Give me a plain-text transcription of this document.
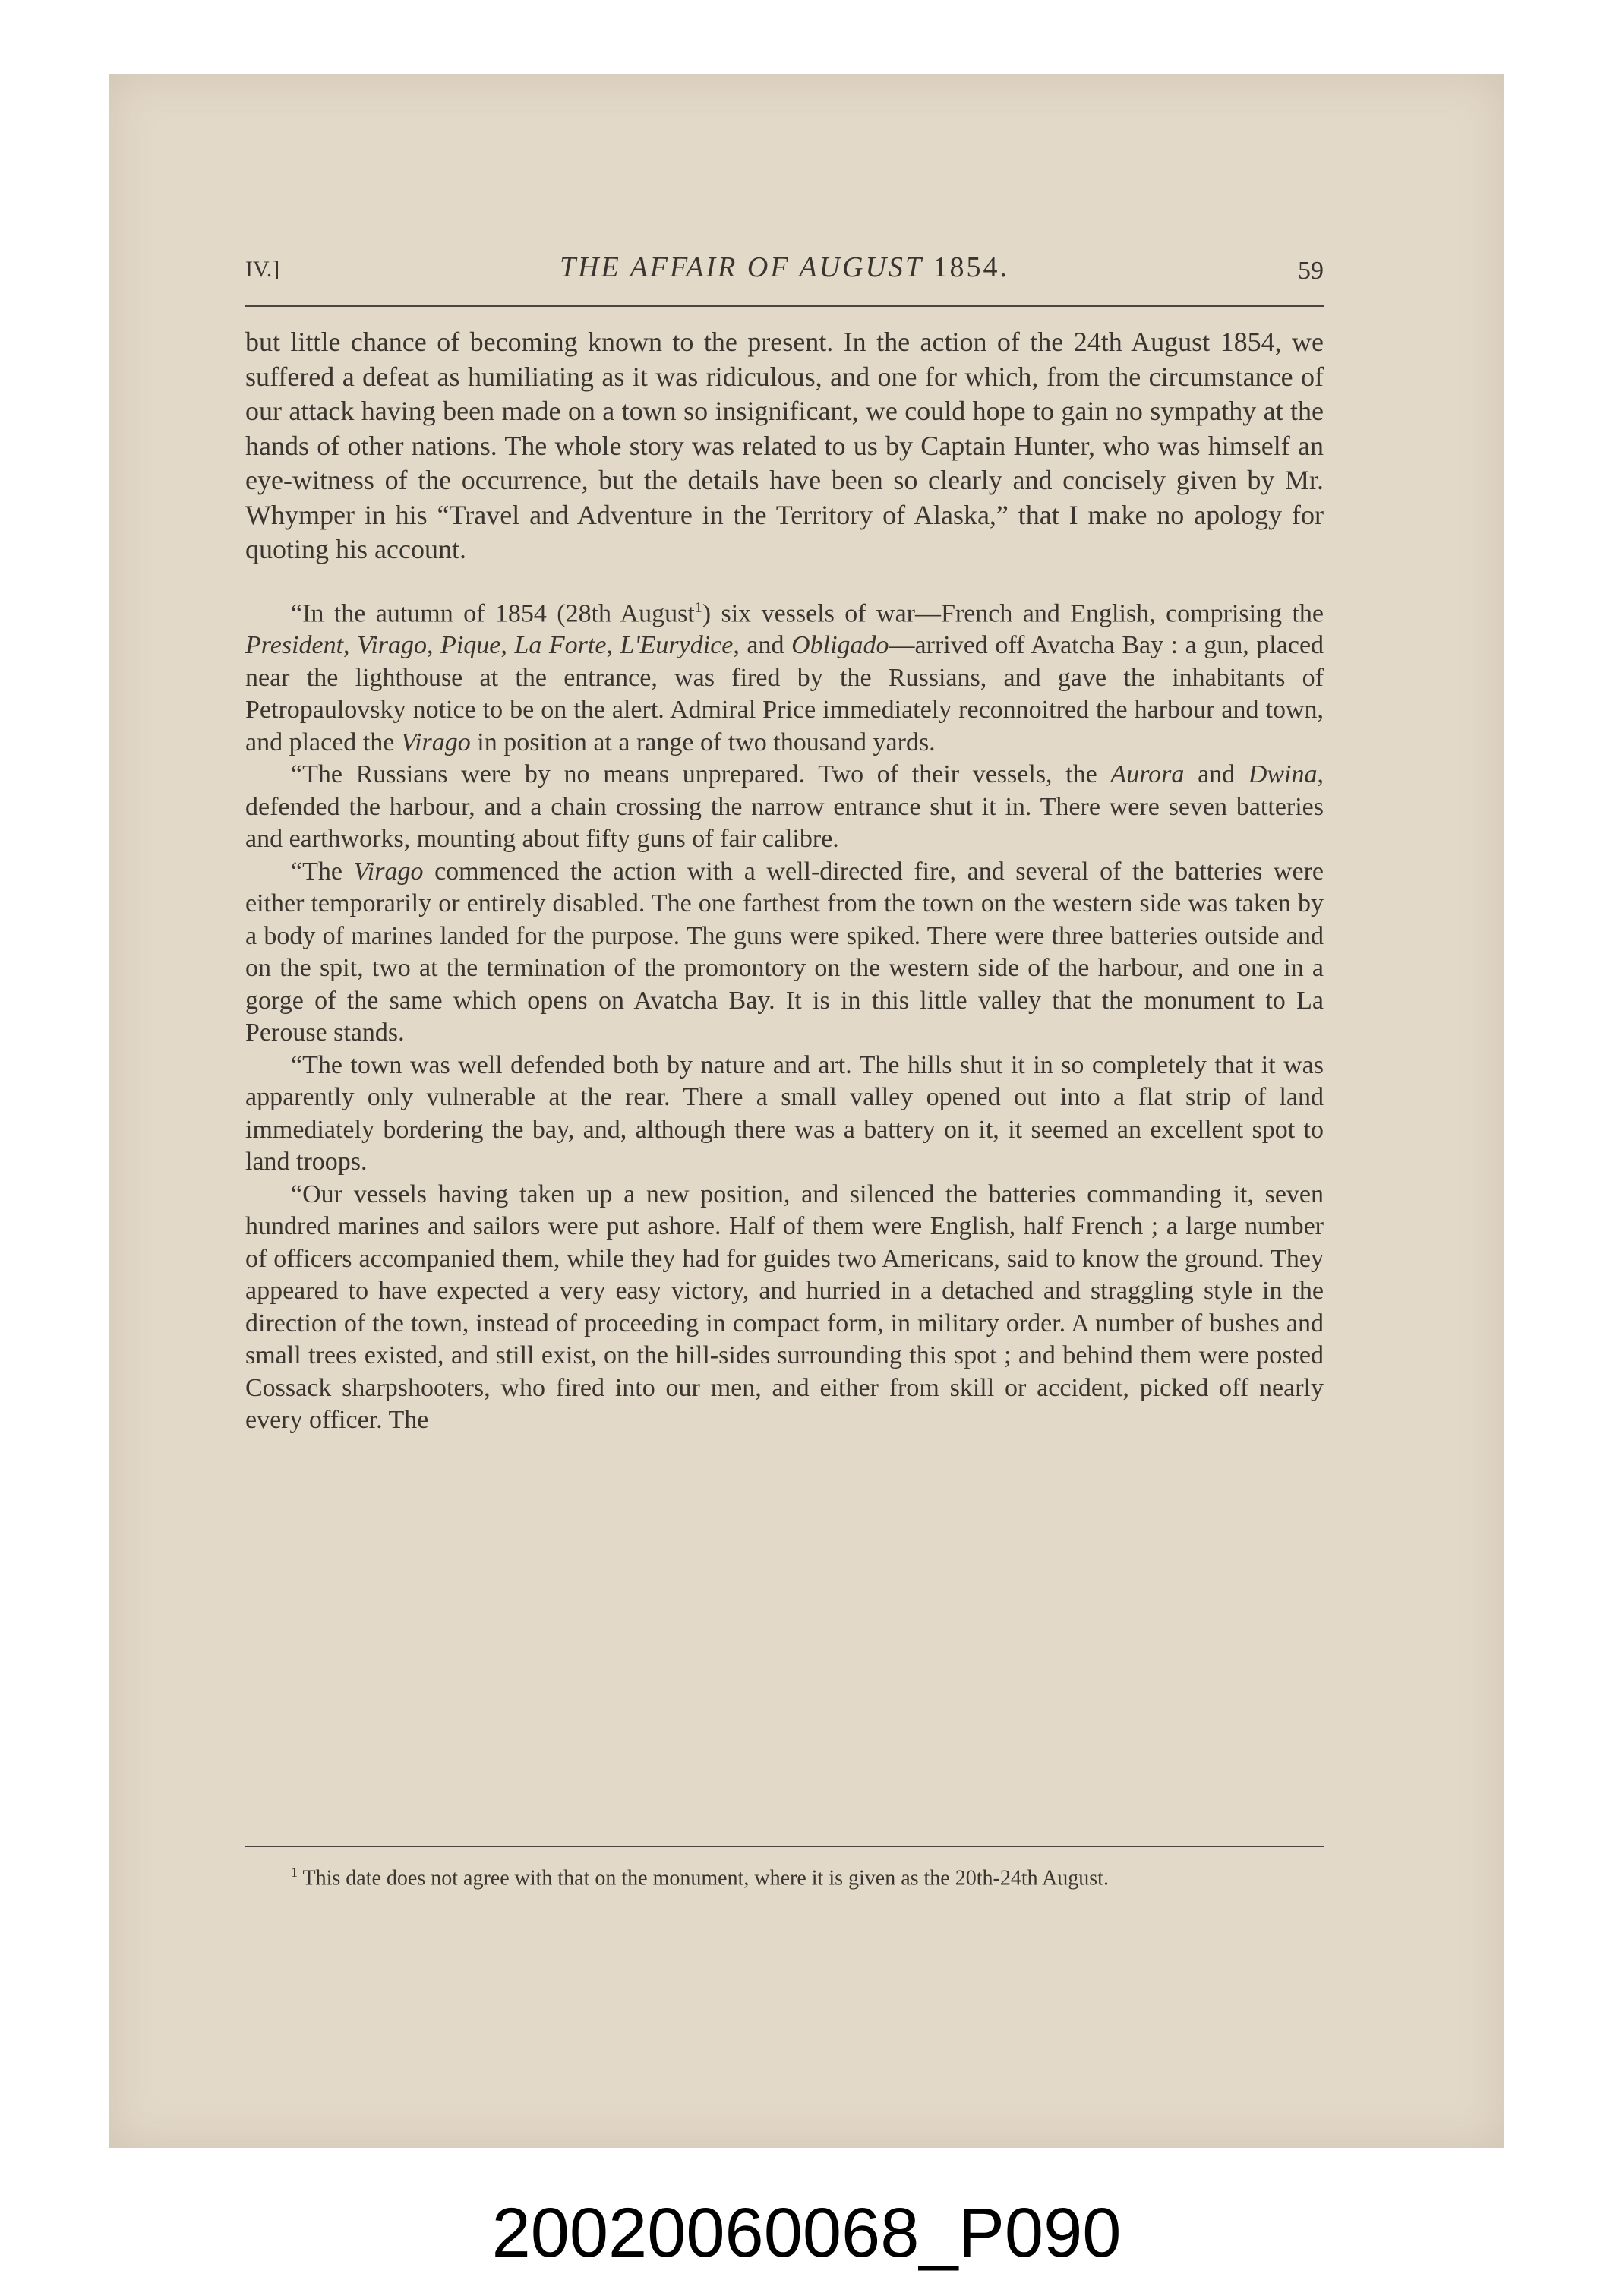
IV.]	THE AFFAIR OF AUGUST 1854.	59

but little chance of becoming known to the present. In the action of the 24th August 1854, we suffered a defeat as humiliating as it was ridiculous, and one for which, from the circumstance of our attack having been made on a town so insignificant, we could hope to gain no sympathy at the hands of other nations. The whole story was related to us by Captain Hunter, who was himself an eye-witness of the occurrence, but the details have been so clearly and concisely given by Mr. Whymper in his “Travel and Adventure in the Territory of Alaska,” that I make no apology for quoting his account.

“In the autumn of 1854 (28th August$^1$) six vessels of war—French and English, comprising the President, Virago, Pique, La Forte, L'Eurydice, and Obligado—arrived off Avatcha Bay : a gun, placed near the lighthouse at the entrance, was fired by the Russians, and gave the inhabitants of Petropaulovsky notice to be on the alert. Admiral Price immediately reconnoitred the harbour and town, and placed the Virago in position at a range of two thousand yards.

“The Russians were by no means unprepared. Two of their vessels, the Aurora and Dwina, defended the harbour, and a chain crossing the narrow entrance shut it in. There were seven batteries and earthworks, mounting about fifty guns of fair calibre.

“The Virago commenced the action with a well-directed fire, and several of the batteries were either temporarily or entirely disabled. The one farthest from the town on the western side was taken by a body of marines landed for the purpose. The guns were spiked. There were three batteries outside and on the spit, two at the termination of the promontory on the western side of the harbour, and one in a gorge of the same which opens on Avatcha Bay. It is in this little valley that the monument to La Perouse stands.

“The town was well defended both by nature and art. The hills shut it in so completely that it was apparently only vulnerable at the rear. There a small valley opened out into a flat strip of land immediately bordering the bay, and, although there was a battery on it, it seemed an excellent spot to land troops.

“Our vessels having taken up a new position, and silenced the batteries commanding it, seven hundred marines and sailors were put ashore. Half of them were English, half French ; a large number of officers accompanied them, while they had for guides two Americans, said to know the ground. They appeared to have expected a very easy victory, and hurried in a detached and straggling style in the direction of the town, instead of proceeding in compact form, in military order. A number of bushes and small trees existed, and still exist, on the hill-sides surrounding this spot ; and behind them were posted Cossack sharpshooters, who fired into our men, and either from skill or accident, picked off nearly every officer. The

$^1$ This date does not agree with that on the monument, where it is given as the 20th-24th August.
20020060068_P090
